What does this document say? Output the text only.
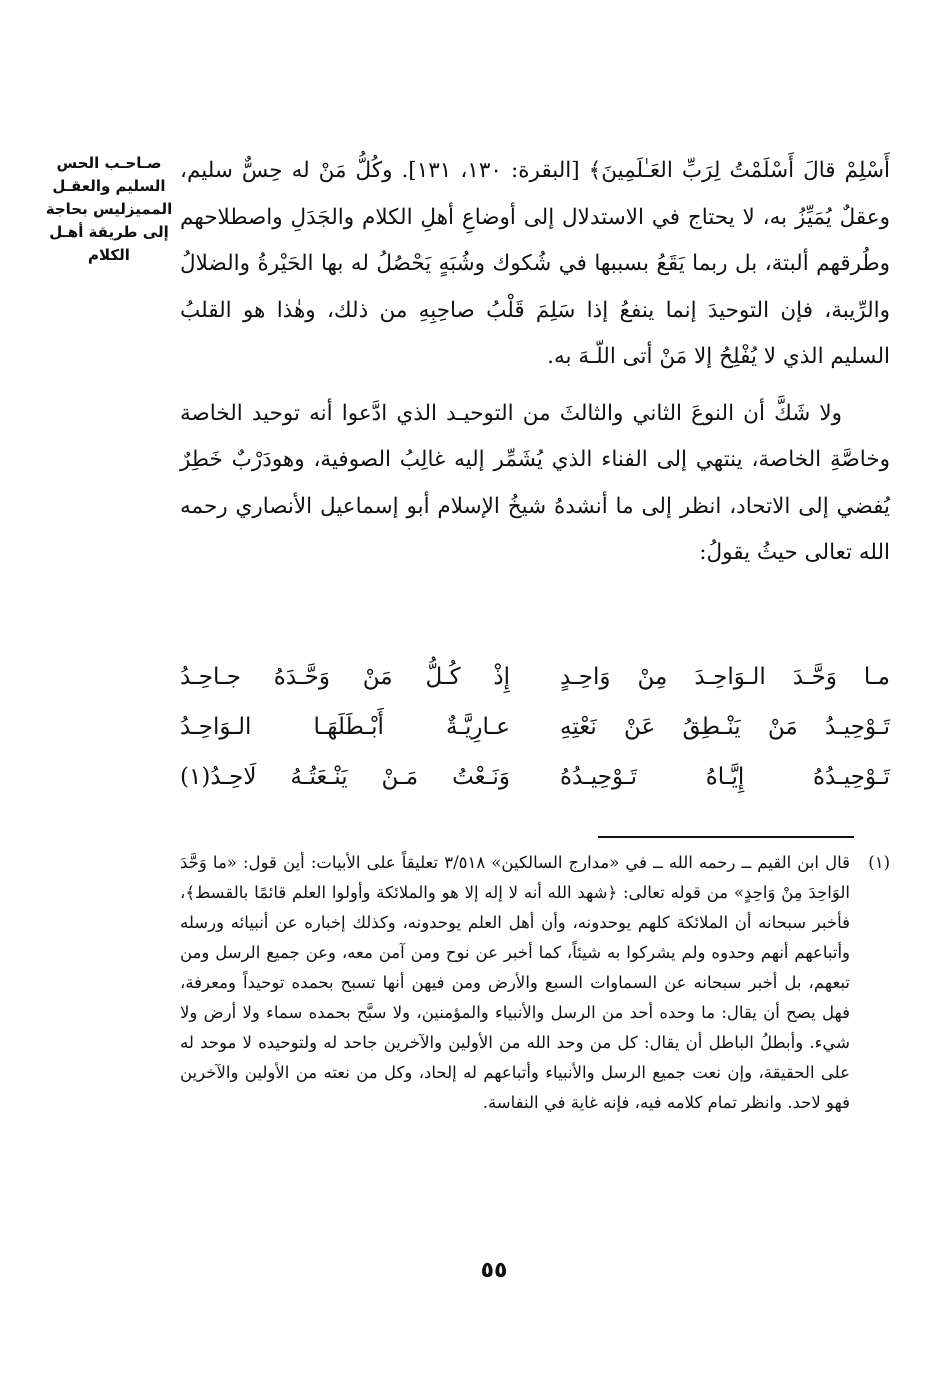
صـاحـب الحس
السليم والعقـل
المميزليس بحاجة
إلى طريقة أهـل
الكلام

أَسْلِمْ قالَ أَسْلَمْتُ لِرَبِّ العَـٰلَمِينَ﴾ [البقرة: ١٣٠، ١٣١]. وكُلُّ مَنْ له حِسٌّ سليم، وعقلٌ يُمَيِّزُ به، لا يحتاج في الاستدلال إلى أوضاعِ أهلِ الكلام والجَدَلِ واصطلاحهم وطُرقهم ألبتة، بل ربما يَقَعُ بسببها في شُكوك وشُبَهٍ يَحْصُلُ له بها الحَيْرةُ والضلالُ والرِّيبة، فإن التوحيدَ إنما ينفعُ إذا سَلِمَ قَلْبُ صاحِبِهِ من ذلك، وهٰذا هو القلبُ السليم الذي لا يُفْلِحُ إلا مَنْ أتى اللّـهَ به.

ولا شَكَّ أن النوعَ الثاني والثالثَ من التوحيـد الذي ادَّعوا أنه توحيد الخاصة وخاصَّةِ الخاصة، ينتهي إلى الفناء الذي يُشَمِّر إليه غالِبُ الصوفية، وهودَرْبٌ خَطِرٌ يُفضي إلى الاتحاد، انظر إلى ما أنشدهُ شيخُ الإسلام أبو إسماعيل الأنصاري رحمه الله تعالى حيثُ يقولُ:

مـا وَحَّـدَ الـوَاحِـدَ مِنْ وَاحِـدٍ
إِذْ كُـلُّ مَنْ وَحَّـدَهُ جـاحِـدُ
تَـوْحِيـدُ مَنْ يَنْـطِقُ عَنْ نَعْتِهِ
عـارِيَّـةٌ أَبْـطَلَهَـا الـوَاحِـدُ
تَـوْحِيـدُهُ إِيَّـاهُ تَـوْحِيـدُهُ
وَنَـعْتُ مَـنْ يَنْـعَتُـهُ لَاحِـدُ(١)

(١)
قال ابن القيم ــ رحمه الله ــ في «مدارج السالكين» ٣/٥١٨ تعليقاً على الأبيات: أين قول: «ما وَحَّدَ الوَاحِدَ مِنْ وَاحِدٍ» من قوله تعالى: ﴿شهد الله أنه لا إله إلا هو والملائكة وأولوا العلم قائمًا بالقسط﴾، فأخبر سبحانه أن الملائكة كلهم يوحدونه، وأن أهل العلم يوحدونه، وكذلك إخباره عن أنبيائه ورسله وأتباعهم أنهم وحدوه ولم يشركوا به شيئاً، كما أخبر عن نوح ومن آمن معه، وعن جميع الرسل ومن تبعهم، بل أخبر سبحانه عن السماوات السبع والأرض ومن فيهن أنها تسبح بحمده توحيداً ومعرفة، فهل يصح أن يقال: ما وحده أحد من الرسل والأنبياء والمؤمنين، ولا سبَّح بحمده سماء ولا أرض ولا شيء. وأبطلُ الباطل أن يقال: كل من وحد الله من الأولين والآخرين جاحد له ولتوحيده لا موحد له على الحقيقة، وإن نعت جميع الرسل والأنبياء وأتباعهم له إلحاد، وكل من نعته من الأولين والآخرين فهو لاحد. وانظر تمام كلامه فيه، فإنه غاية في النفاسة.

٥٥
